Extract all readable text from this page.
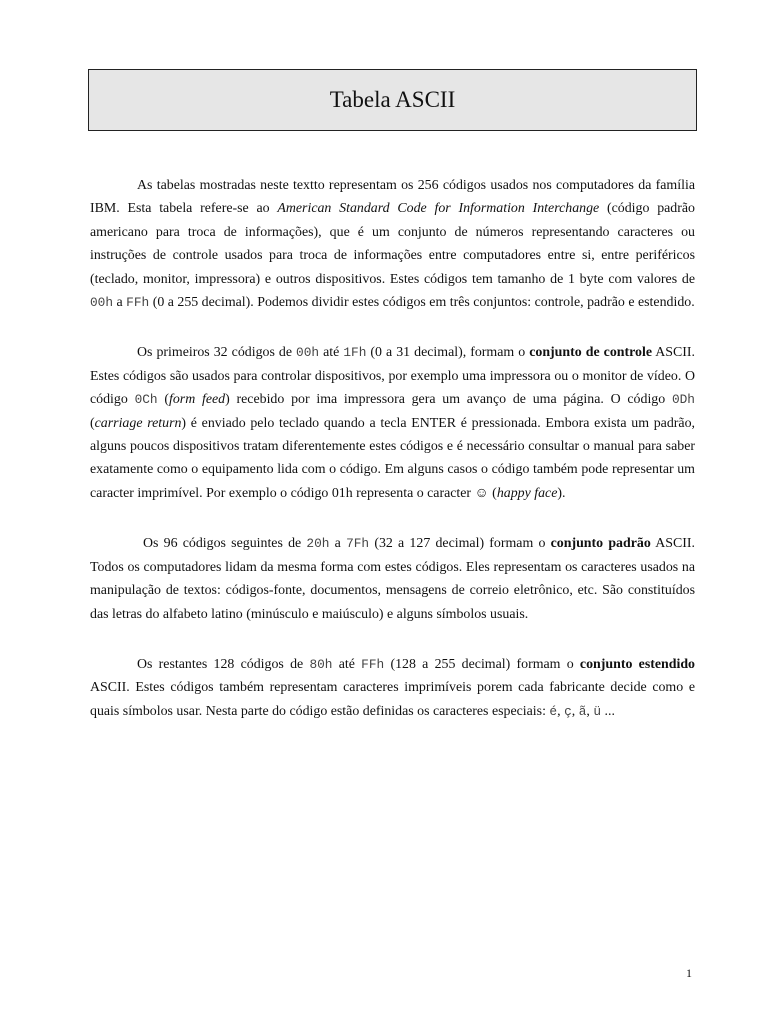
Tabela ASCII

As tabelas mostradas neste textto representam os 256 códigos usados nos computadores da família IBM. Esta tabela refere-se ao American Standard Code for Information Interchange (código padrão americano para troca de informações), que é um conjunto de números representando caracteres ou instruções de controle usados para troca de informações entre computadores entre si, entre periféricos (teclado, monitor, impressora) e outros dispositivos. Estes códigos tem tamanho de 1 byte com valores de 00h a FFh (0 a 255 decimal). Podemos dividir estes códigos em três conjuntos: controle, padrão e estendido.

Os primeiros 32 códigos de 00h até 1Fh (0 a 31 decimal), formam o conjunto de controle ASCII. Estes códigos são usados para controlar dispositivos, por exemplo uma impressora ou o monitor de vídeo. O código 0Ch (form feed) recebido por ima impressora gera um avanço de uma página. O código 0Dh (carriage return) é enviado pelo teclado quando a tecla ENTER é pressionada. Embora exista um padrão, alguns poucos dispositivos tratam diferentemente estes códigos e é necessário consultar o manual para saber exatamente como o equipamento lida com o código. Em alguns casos o código também pode representar um caracter imprimível. Por exemplo o código 01h representa o caracter ☺ (happy face).

Os 96 códigos seguintes de 20h a 7Fh (32 a 127 decimal) formam o conjunto padrão ASCII. Todos os computadores lidam da mesma forma com estes códigos. Eles representam os caracteres usados na manipulação de textos: códigos-fonte, documentos, mensagens de correio eletrônico, etc. São constituídos das letras do alfabeto latino (minúsculo e maiúsculo) e alguns símbolos usuais.

Os restantes 128 códigos de 80h até FFh (128 a 255 decimal) formam o conjunto estendido ASCII. Estes códigos também representam caracteres imprimíveis porem cada fabricante decide como e quais símbolos usar. Nesta parte do código estão definidas os caracteres especiais: é, ç, ã, ü ...

1
